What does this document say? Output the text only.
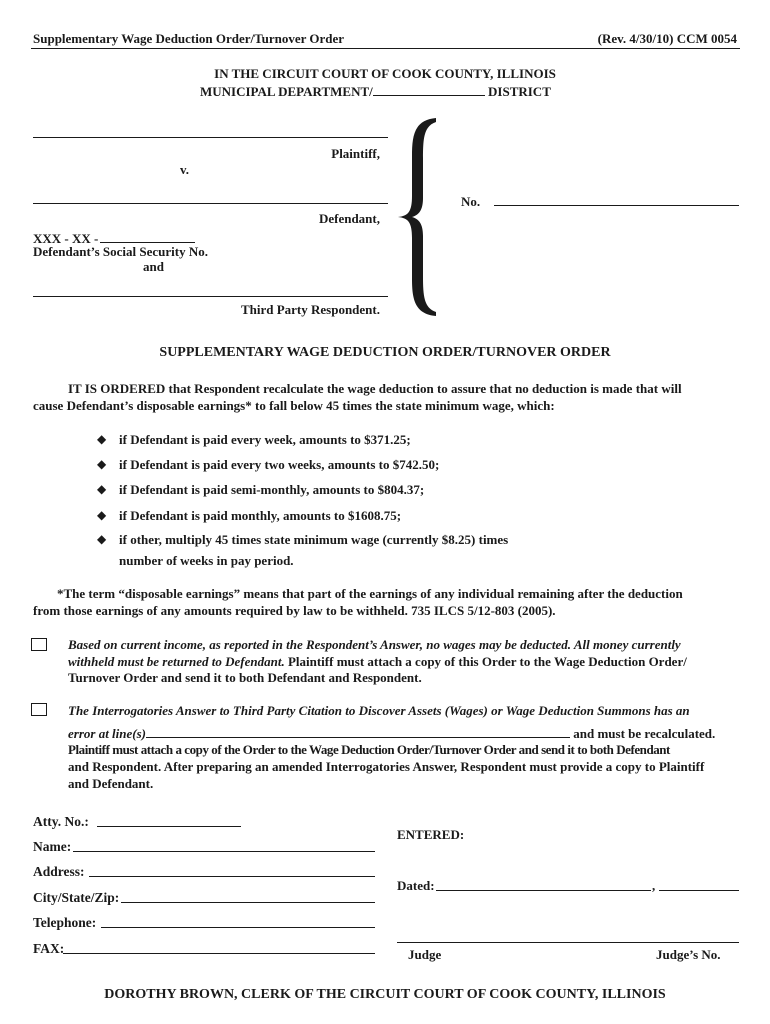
Supplementary Wage Deduction Order/Turnover Order	(Rev. 4/30/10) CCM 0054
IN THE CIRCUIT COURT OF COOK COUNTY, ILLINOIS
MUNICIPAL DEPARTMENT/	DISTRICT
Plaintiff,
v.
Defendant,
XXX - XX -
Defendant’s Social Security No.
and
Third Party Respondent.
No.
SUPPLEMENTARY WAGE DEDUCTION ORDER/TURNOVER ORDER
IT IS ORDERED that Respondent recalculate the wage deduction to assure that no deduction is made that will
cause Defendant’s disposable earnings* to fall below 45 times the state minimum wage, which:
◆ if Defendant is paid every week, amounts to $371.25;
◆ if Defendant is paid every two weeks, amounts to $742.50;
◆ if Defendant is paid semi-monthly, amounts to $804.37;
◆ if Defendant is paid monthly, amounts to $1608.75;
◆ if other, multiply 45 times state minimum wage (currently $8.25) times
number of weeks in pay period.
*The term “disposable earnings” means that part of the earnings of any individual remaining after the deduction
from those earnings of any amounts required by law to be withheld. 735 ILCS 5/12-803 (2005).
Based on current income, as reported in the Respondent’s Answer, no wages may be deducted. All money currently
withheld must be returned to Defendant. Plaintiff must attach a copy of this Order to the Wage Deduction Order/
Turnover Order and send it to both Defendant and Respondent.
The Interrogatories Answer to Third Party Citation to Discover Assets (Wages) or Wage Deduction Summons has an
error at line(s)	and must be recalculated.
Plaintiff must attach a copy of the Order to the Wage Deduction Order/Turnover Order and send it to both Defendant
and Respondent. After preparing an amended Interrogatories Answer, Respondent must provide a copy to Plaintiff
and Defendant.
Atty. No.:
Name:
Address:
City/State/Zip:
Telephone:
FAX:
ENTERED:
Dated:	,
Judge	Judge’s No.
DOROTHY BROWN, CLERK OF THE CIRCUIT COURT OF COOK COUNTY, ILLINOIS
